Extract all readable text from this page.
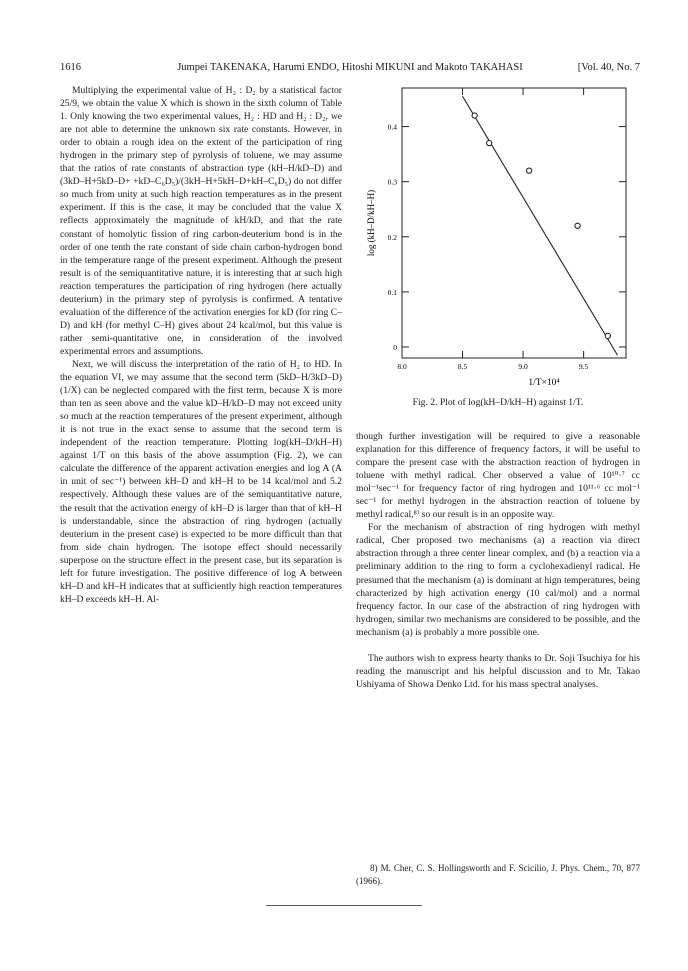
1616	Jumpei TAKENAKA, Harumi ENDO, Hitoshi MIKUNI and Makoto TAKAHASI	[Vol. 40, No. 7

Multiplying the experimental value of H₂ : D₂ by a statistical factor 25/9, we obtain the value X which is shown in the sixth column of Table 1. Only knowing the two experimental values, H₂ : HD and H₂ : D₂, we are not able to determine the unknown six rate constants. However, in order to obtain a rough idea on the extent of the participation of ring hydrogen in the primary step of pyrolysis of toluene, we may assume that the ratios of rate constants of abstraction type (kH–H/kD–D) and (3kD–H+5kD–D+ +kD–C₆D₅)/(3kH–H+5kH–D+kH–C₆D₅) do not differ so much from unity at such high reaction temperatures as in the present experiment. If this is the case, it may be concluded that the value X reflects approximately the magnitude of kH/kD, and that the rate constant of homolytic fission of ring carbon-deuterium bond is in the order of one tenth the rate constant of side chain carbon-hydrogen bond in the temperature range of the present experiment. Although the present result is of the semiquantitative nature, it is interesting that at such high reaction temperatures the participation of ring hydrogen (here actually deuterium) in the primary step of pyrolysis is confirmed. A tentative evaluation of the difference of the activation energies for kD (for ring C–D) and kH (for methyl C–H) gives about 24 kcal/mol, but this value is rather semi-quantitative one, in consideration of the involved experimental errors and assumptions.

Next, we will discuss the interpretation of the ratio of H₂ to HD. In the equation VI, we may assume that the second term (5kD–H/3kD–D)(1/X) can be neglected compared with the first term, because X is more than ten as seen above and the value kD–H/kD–D may not exceed unity so much at the reaction temperatures of the present experiment, although it is not true in the exact sense to assume that the second term is independent of the reaction temperature. Plotting log(kH–D/kH–H) against 1/T on this basis of the above assumption (Fig. 2), we can calculate the difference of the apparent activation energies and log A (A in unit of sec⁻¹) between kH–D and kH–H to be 14 kcal/mol and 5.2 respectively. Although these values are of the semiquantitative nature, the result that the activation energy of kH–D is larger than that of kH–H is understandable, since the abstraction of ring hydrogen (actually deuterium in the present case) is expected to be more difficult than that from side chain hydrogen. The isotope effect should necessarily superpose on the structure effect in the present case, but its separation is left for future investigation. The positive difference of log A between kH–D and kH–H indicates that at sufficiently high reaction temperatures kH–D exceeds kH–H. Al-

0
0.1
0.2
0.3
0.4
8.0	8.5	9.0	9.5
log (kH–D/kH–H)
1/T×10⁴
Fig. 2. Plot of log(kH–D/kH–H) against 1/T.

though further investigation will be required to give a reasonable explanation for this difference of frequency factors, it will be useful to compare the present case with the abstraction reaction of hydrogen in toluene with methyl radical. Cher observed a value of 10¹⁰·⁷ cc mol⁻¹sec⁻¹ for frequency factor of ring hydrogen and 10¹¹·⁶ cc mol⁻¹ sec⁻¹ for methyl hydrogen in the abstraction reaction of toluene by methyl radical,⁸⁾ so our result is in an opposite way.

For the mechanism of abstraction of ring hydrogen with methyl radical, Cher proposed two mechanisms (a) a reaction via direct abstraction through a three center linear complex, and (b) a reaction via a preliminary addition to the ring to form a cyclohexadienyl radical. He presumed that the mechanism (a) is dominant at hign temperatures, being characterized by high activation energy (10 cal/mol) and a normal frequency factor. In our case of the abstraction of ring hydrogen with hydrogen, similar two mechanisms are considered to be possible, and the mechanism (a) is probably a more possible one.

The authors wish to express hearty thanks to Dr. Soji Tsuchiya for his reading the manuscript and his helpful discussion and to Mr. Takao Ushiyama of Showa Denko Ltd. for his mass spectral analyses.

8) M. Cher, C. S. Hollingsworth and F. Scicilio, J. Phys. Chem., 70, 877 (1966).
